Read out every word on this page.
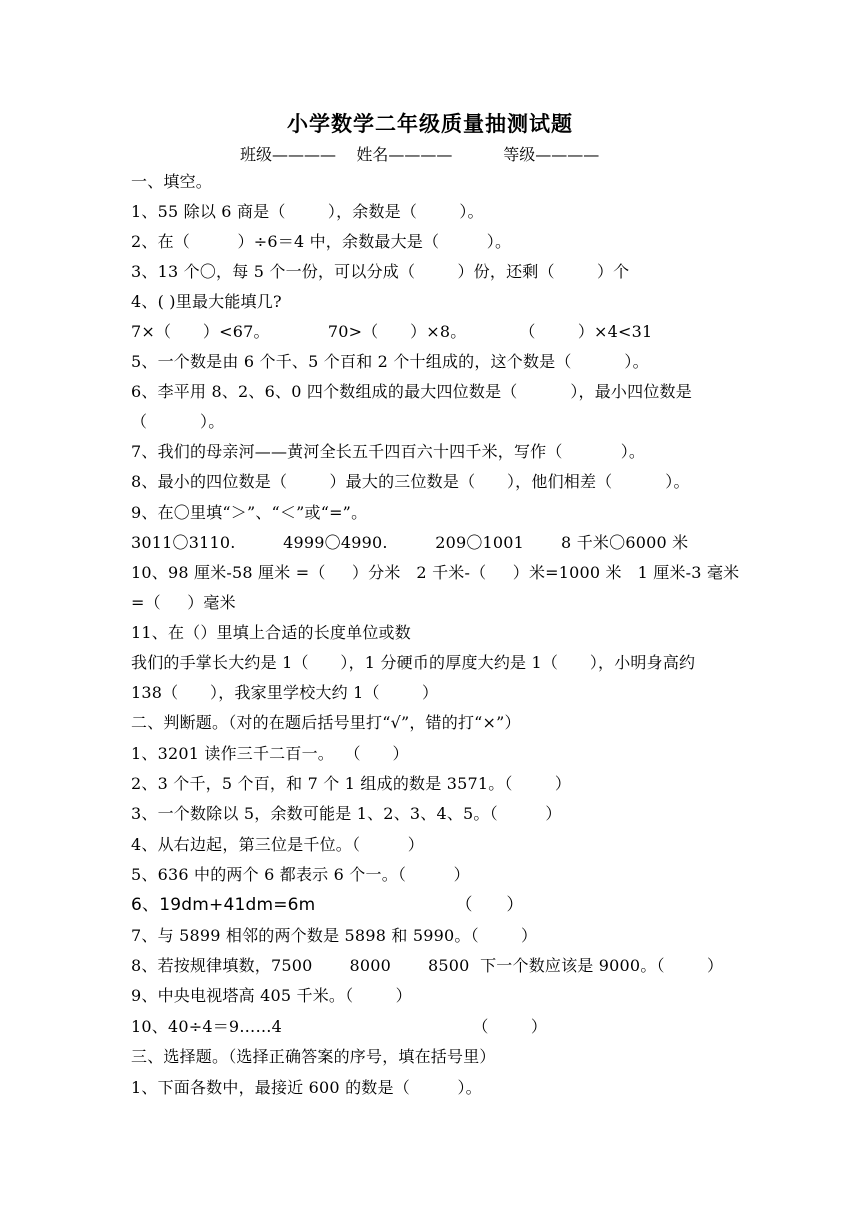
小学数学二年级质量抽测试题
班级————    姓名————          等级————
一、填空。
1、55 除以 6 商是（        ），余数是（        ）。
2、在（         ）÷6＝4 中，余数最大是（         ）。
3、13 个〇，每 5 个一份，可以分成（        ）份，还剩（        ）个
4、( )里最大能填几?
7×（      ）<67。           70>（      ）×8。          （        ）×4<31
5、一个数是由 6 个千、5 个百和 2 个十组成的，这个数是（          ）。
6、李平用 8、2、6、0 四个数组成的最大四位数是（          ），最小四位数是
（          ）。
7、我们的母亲河——黄河全长五千四百六十四千米，写作（           ）。
8、最小的四位数是（        ）最大的三位数是（      ），他们相差（          ）。
9、在〇里填“＞”、“＜”或“=”。
3011〇3110.         4999〇4990.         209〇1001       8 千米〇6000 米
10、98 厘米-58 厘米 =（     ）分米   2 千米-（     ）米=1000 米   1 厘米-3 毫米
=（     ）毫米
11、在（）里填上合适的长度单位或数
我们的手掌长大约是 1（      ），1 分硬币的厚度大约是 1（      ），小明身高约
138（      ），我家里学校大约 1（        ）
二、判断题。（对的在题后括号里打“√”，错的打“×”）
1、3201 读作三千二百一。  （      ）
2、3 个千，5 个百，和 7 个 1 组成的数是 3571。（        ）
3、一个数除以 5，余数可能是 1、2、3、4、5。（         ）
4、从右边起，第三位是千位。（         ）
5、636 中的两个 6 都表示 6 个一。（         ）
6、19dm+41dm=6m                         （      ）
7、与 5899 相邻的两个数是 5898 和 5990。（        ）
8、若按规律填数，7500       8000       8500  下一个数应该是 9000。（        ）
9、中央电视塔高 405 千米。（        ）
10、40÷4＝9……4                                    （        ）
三、选择题。（选择正确答案的序号，填在括号里）
1、下面各数中，最接近 600 的数是（         ）。
